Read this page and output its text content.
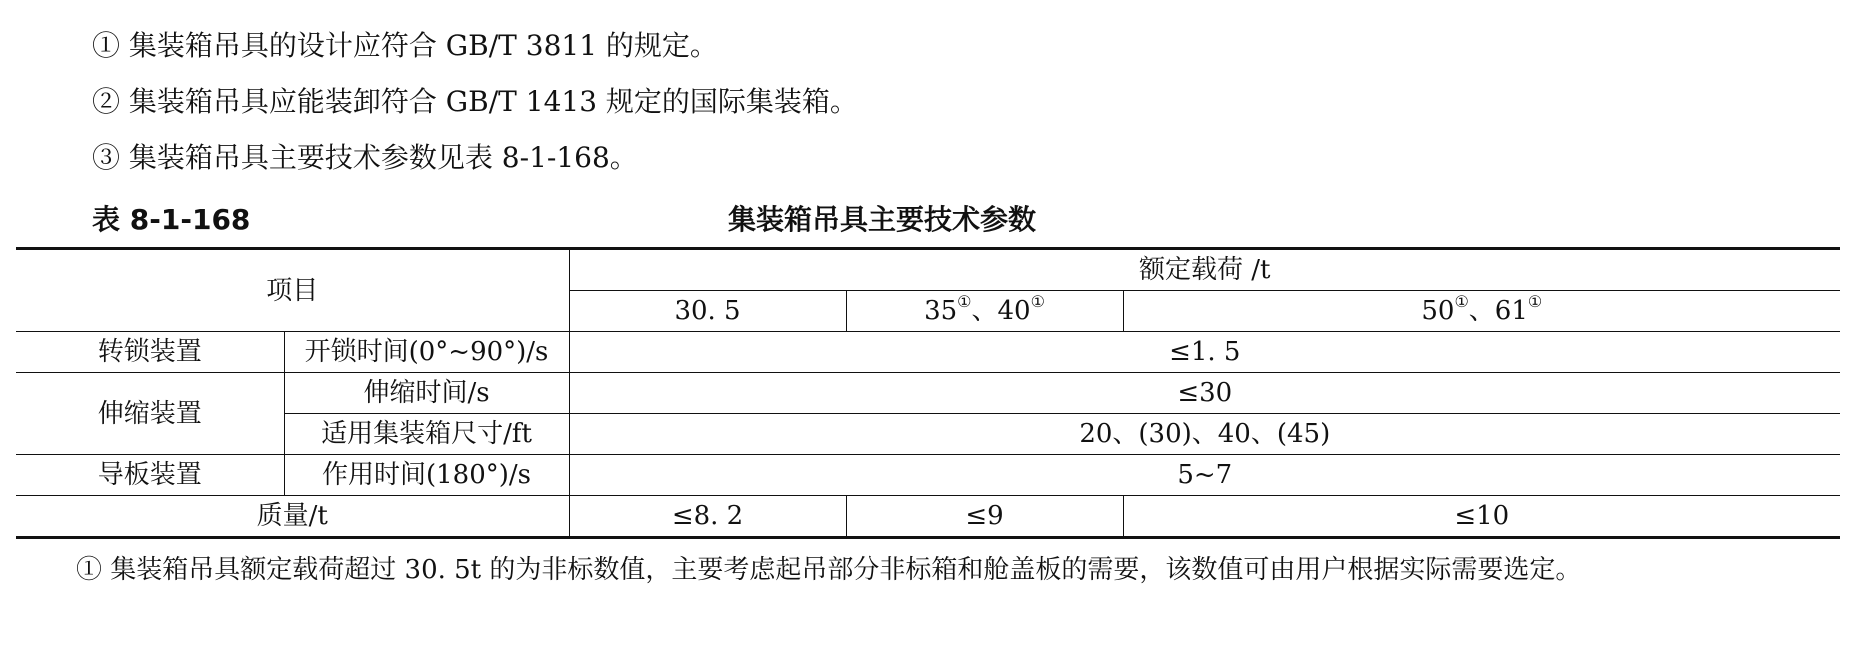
① 集装箱吊具的设计应符合 GB/T 3811 的规定。
② 集装箱吊具应能装卸符合 GB/T 1413 规定的国际集装箱。
③ 集装箱吊具主要技术参数见表 8-1-168。
表 8-1-168	集装箱吊具主要技术参数
项目		额定载荷 /t		
		30. 5	35①、40①	50①、61①
转锁装置	开锁时间(0°~90°)/s	≤1. 5		
伸缩装置	伸缩时间/s	≤30		
	适用集装箱尺寸/ft	20、(30)、40、(45)		
导板装置	作用时间(180°)/s	5~7		
质量/t		≤8. 2	≤9	≤10
① 集装箱吊具额定载荷超过 30. 5t 的为非标数值，主要考虑起吊部分非标箱和舱盖板的需要，该数值可由用户根据实际需要选定。
